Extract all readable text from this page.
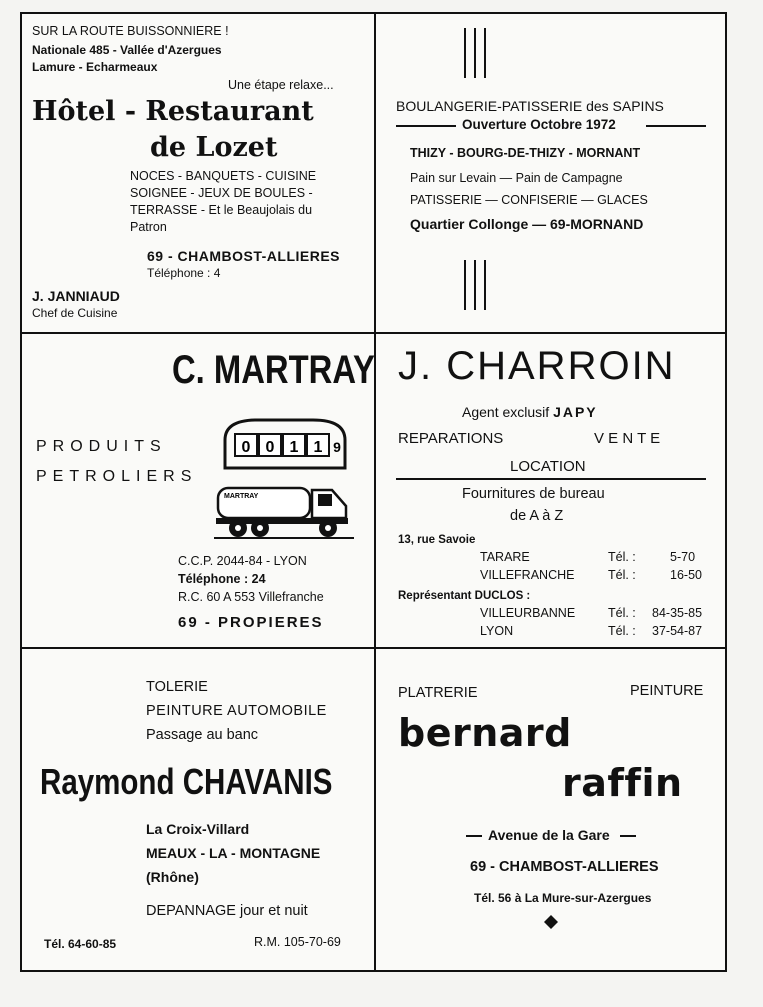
SUR LA ROUTE BUISSONNIERE !
Nationale 485 - Vallée d'Azergues
Lamure - Echarmeaux
Une étape relaxe...
Hôtel - Restaurant
de Lozet
NOCES - BANQUETS - CUISINE
SOIGNEE - JEUX DE BOULES -
TERRASSE - Et le Beaujolais du
Patron
69 - CHAMBOST-ALLIERES
Téléphone : 4
J. JANNIAUD
Chef de Cuisine
BOULANGERIE-PATISSERIE des SAPINS
Ouverture Octobre 1972
THIZY - BOURG-DE-THIZY - MORNANT
Pain sur Levain — Pain de Campagne
PATISSERIE — CONFISERIE — GLACES
Quartier Collonge — 69-MORNAND
C. MARTRAY
PRODUITS
PETROLIERS
0 0 1 1 9
MARTRAY
C.C.P. 2044-84 - LYON
Téléphone : 24
R.C. 60 A 553 Villefranche
69 - PROPIERES
J. CHARROIN
Agent exclusif JAPY
REPARATIONS	V E N T E
LOCATION
Fournitures de bureau
de A à Z
13, rue Savoie
TARARE	Tél. :	5-70
VILLEFRANCHE	Tél. :	16-50
Représentant DUCLOS :
VILLEURBANNE	Tél. : 84-35-85
LYON	Tél. : 37-54-87
TOLERIE
PEINTURE AUTOMOBILE
Passage au banc
Raymond CHAVANIS
La Croix-Villard
MEAUX - LA - MONTAGNE
(Rhône)
DEPANNAGE jour et nuit
Tél. 64-60-85	R.M. 105-70-69
PLATRERIE	PEINTURE
bernard
raffin
Avenue de la Gare
69 - CHAMBOST-ALLIERES
Tél. 56 à La Mure-sur-Azergues
